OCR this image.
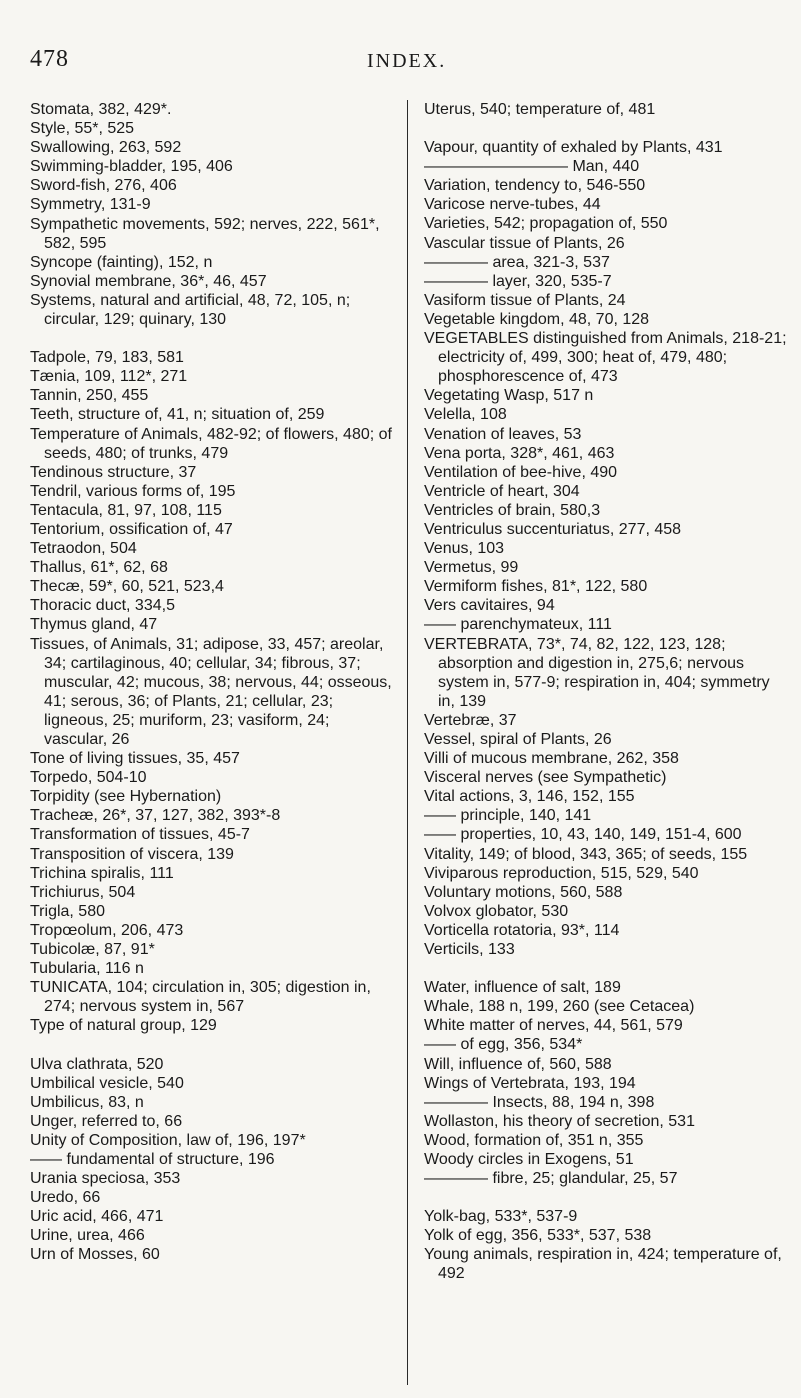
478	INDEX.
Stomata, 382, 429*.
Style, 55*, 525
Swallowing, 263, 592
Swimming-bladder, 195, 406
Sword-fish, 276, 406
Symmetry, 131-9
Sympathetic movements, 592; nerves, 222, 561*, 582, 595
Syncope (fainting), 152, n
Synovial membrane, 36*, 46, 457
Systems, natural and artificial, 48, 72, 105, n; circular, 129; quinary, 130
Tadpole, 79, 183, 581
Tænia, 109, 112*, 271
Tannin, 250, 455
Teeth, structure of, 41, n; situation of, 259
Temperature of Animals, 482-92; of flowers, 480; of seeds, 480; of trunks, 479
Tendinous structure, 37
Tendril, various forms of, 195
Tentacula, 81, 97, 108, 115
Tentorium, ossification of, 47
Tetraodon, 504
Thallus, 61*, 62, 68
Thecæ, 59*, 60, 521, 523,4
Thoracic duct, 334,5
Thymus gland, 47
Tissues, of Animals, 31; adipose, 33, 457; areolar, 34; cartilaginous, 40; cellular, 34; fibrous, 37; muscular, 42; mucous, 38; nervous, 44; osseous, 41; serous, 36; of Plants, 21; cellular, 23; ligneous, 25; muriform, 23; vasiform, 24; vascular, 26
Tone of living tissues, 35, 457
Torpedo, 504-10
Torpidity (see Hybernation)
Tracheæ, 26*, 37, 127, 382, 393*-8
Transformation of tissues, 45-7
Transposition of viscera, 139
Trichina spiralis, 111
Trichiurus, 504
Trigla, 580
Tropœolum, 206, 473
Tubicolæ, 87, 91*
Tubularia, 116 n
TUNICATA, 104; circulation in, 305; digestion in, 274; nervous system in, 567
Type of natural group, 129
Ulva clathrata, 520
Umbilical vesicle, 540
Umbilicus, 83, n
Unger, referred to, 66
Unity of Composition, law of, 196, 197*
—— fundamental of structure, 196
Urania speciosa, 353
Uredo, 66
Uric acid, 466, 471
Urine, urea, 466
Urn of Mosses, 60
Uterus, 540; temperature of, 481
Vapour, quantity of exhaled by Plants, 431
————————— Man, 440
Variation, tendency to, 546-550
Varicose nerve-tubes, 44
Varieties, 542; propagation of, 550
Vascular tissue of Plants, 26
———— area, 321-3, 537
———— layer, 320, 535-7
Vasiform tissue of Plants, 24
Vegetable kingdom, 48, 70, 128
VEGETABLES distinguished from Animals, 218-21; electricity of, 499, 300; heat of, 479, 480; phosphorescence of, 473
Vegetating Wasp, 517 n
Velella, 108
Venation of leaves, 53
Vena porta, 328*, 461, 463
Ventilation of bee-hive, 490
Ventricle of heart, 304
Ventricles of brain, 580,3
Ventriculus succenturiatus, 277, 458
Venus, 103
Vermetus, 99
Vermiform fishes, 81*, 122, 580
Vers cavitaires, 94
—— parenchymateux, 111
VERTEBRATA, 73*, 74, 82, 122, 123, 128; absorption and digestion in, 275,6; nervous system in, 577-9; respiration in, 404; symmetry in, 139
Vertebræ, 37
Vessel, spiral of Plants, 26
Villi of mucous membrane, 262, 358
Visceral nerves (see Sympathetic)
Vital actions, 3, 146, 152, 155
—— principle, 140, 141
—— properties, 10, 43, 140, 149, 151-4, 600
Vitality, 149; of blood, 343, 365; of seeds, 155
Viviparous reproduction, 515, 529, 540
Voluntary motions, 560, 588
Volvox globator, 530
Vorticella rotatoria, 93*, 114
Verticils, 133
Water, influence of salt, 189
Whale, 188 n, 199, 260 (see Cetacea)
White matter of nerves, 44, 561, 579
—— of egg, 356, 534*
Will, influence of, 560, 588
Wings of Vertebrata, 193, 194
———— Insects, 88, 194 n, 398
Wollaston, his theory of secretion, 531
Wood, formation of, 351 n, 355
Woody circles in Exogens, 51
———— fibre, 25; glandular, 25, 57
Yolk-bag, 533*, 537-9
Yolk of egg, 356, 533*, 537, 538
Young animals, respiration in, 424; temperature of, 492
